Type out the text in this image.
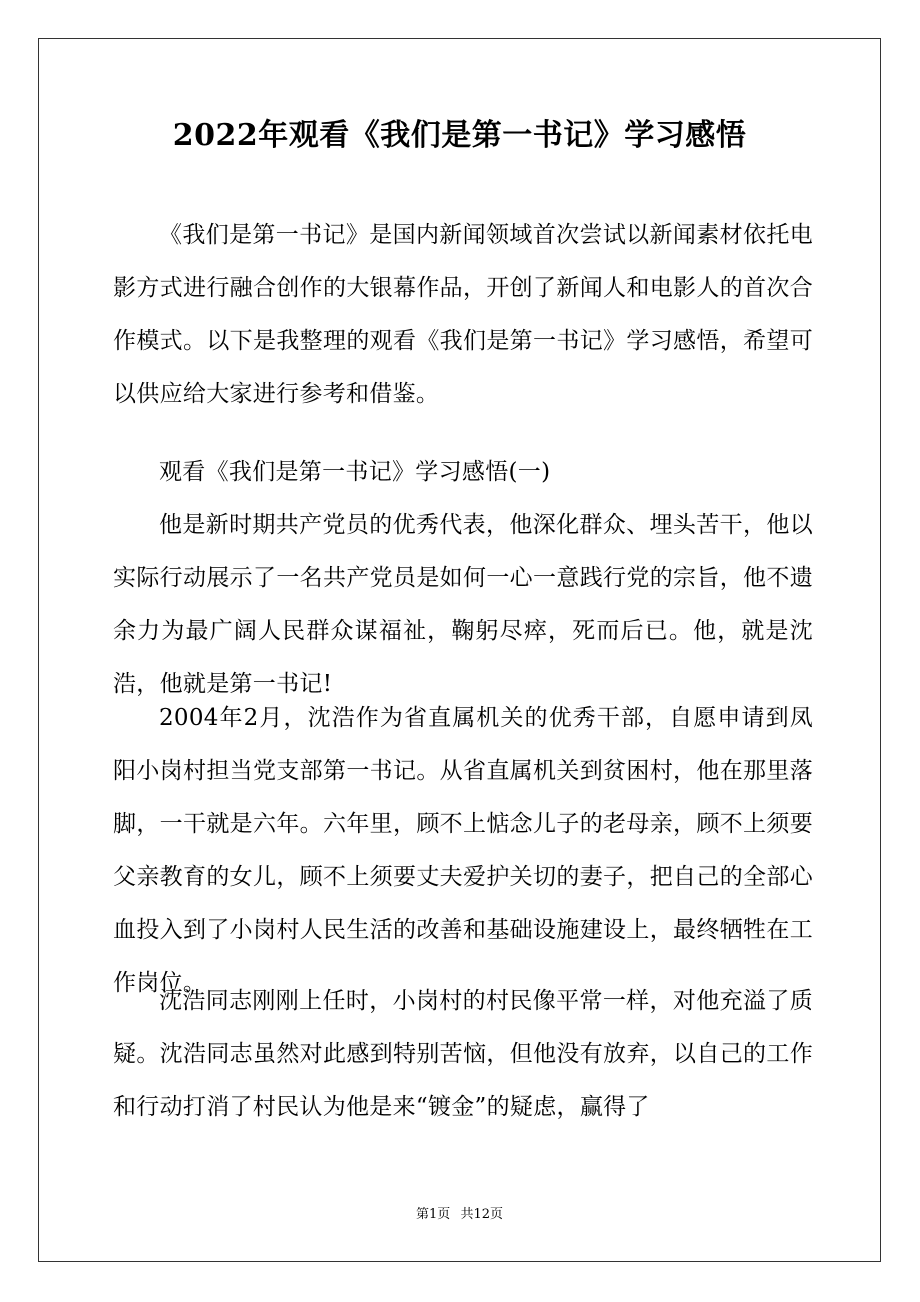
2022年观看《我们是第一书记》学习感悟

《我们是第一书记》是国内新闻领域首次尝试以新闻素材依托电影方式进行融合创作的大银幕作品，开创了新闻人和电影人的首次合作模式。以下是我整理的观看《我们是第一书记》学习感悟，希望可以供应给大家进行参考和借鉴。

观看《我们是第一书记》学习感悟(一)

他是新时期共产党员的优秀代表，他深化群众、埋头苦干，他以实际行动展示了一名共产党员是如何一心一意践行党的宗旨，他不遗余力为最广阔人民群众谋福祉，鞠躬尽瘁，死而后已。他，就是沈浩，他就是第一书记!

2004年2月，沈浩作为省直属机关的优秀干部，自愿申请到凤阳小岗村担当党支部第一书记。从省直属机关到贫困村，他在那里落脚，一干就是六年。六年里，顾不上惦念儿子的老母亲，顾不上须要父亲教育的女儿，顾不上须要丈夫爱护关切的妻子，把自己的全部心血投入到了小岗村人民生活的改善和基础设施建设上，最终牺牲在工作岗位。

沈浩同志刚刚上任时，小岗村的村民像平常一样，对他充溢了质疑。沈浩同志虽然对此感到特别苦恼，但他没有放弃，以自己的工作和行动打消了村民认为他是来“镀金”的疑虑，赢得了

第1页 共12页
